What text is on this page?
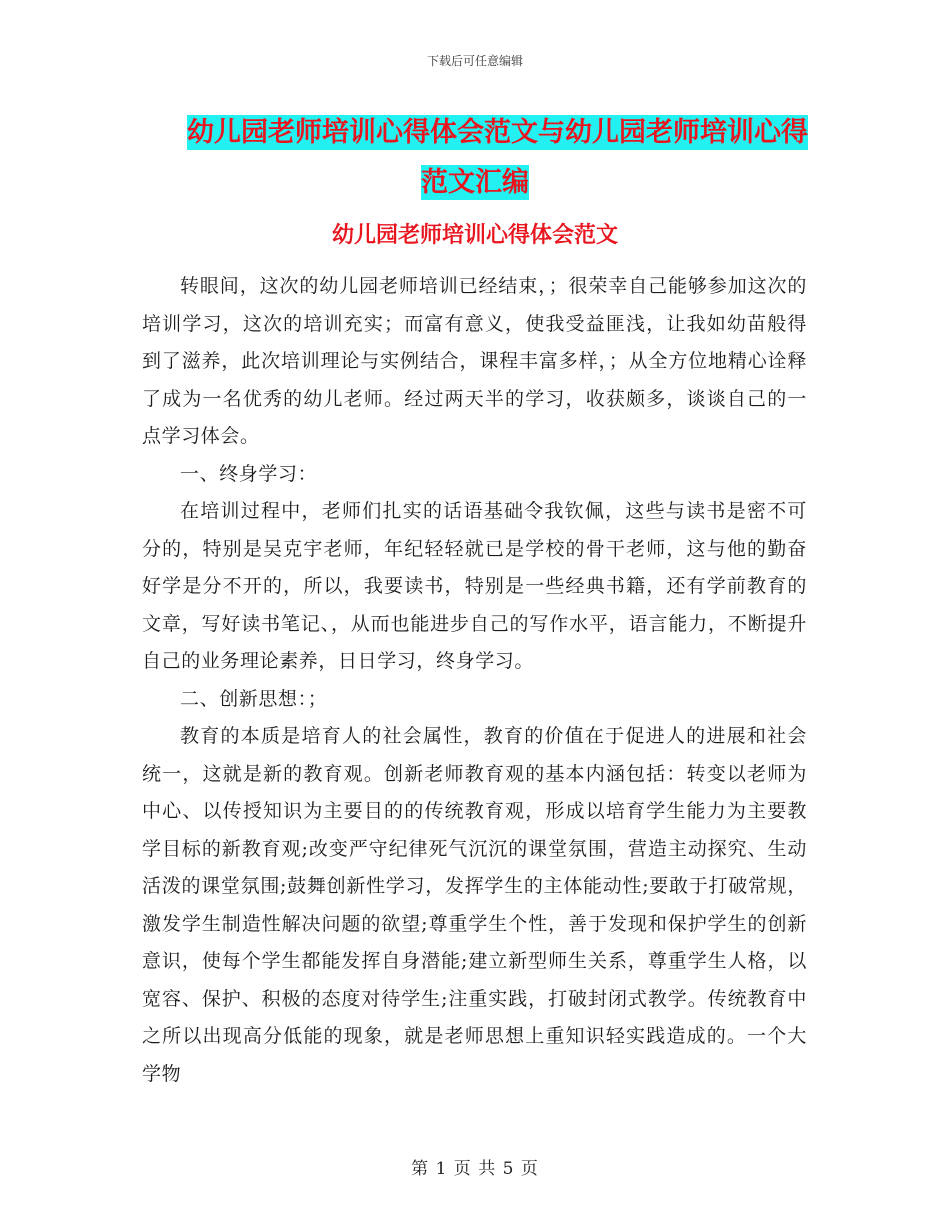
下载后可任意编辑
幼儿园老师培训心得体会范文与幼儿园老师培训心得
范文汇编
幼儿园老师培训心得体会范文

转眼间，这次的幼儿园老师培训已经结束，；很荣幸自己能够参加这次的培训学习，这次的培训充实；而富有意义，使我受益匪浅，让我如幼苗般得到了滋养，此次培训理论与实例结合，课程丰富多样，；从全方位地精心诠释了成为一名优秀的幼儿老师。经过两天半的学习，收获颇多，谈谈自己的一点学习体会。

一、终身学习：

在培训过程中，老师们扎实的话语基础令我钦佩，这些与读书是密不可分的，特别是吴克宇老师，年纪轻轻就已是学校的骨干老师，这与他的勤奋好学是分不开的，所以，我要读书，特别是一些经典书籍，还有学前教育的文章，写好读书笔记、，从而也能进步自己的写作水平，语言能力，不断提升自己的业务理论素养，日日学习，终身学习。

二、创新思想：；

教育的本质是培育人的社会属性，教育的价值在于促进人的进展和社会统一，这就是新的教育观。创新老师教育观的基本内涵包括：转变以老师为中心、以传授知识为主要目的的传统教育观，形成以培育学生能力为主要教学目标的新教育观;改变严守纪律死气沉沉的课堂氛围，营造主动探究、生动活泼的课堂氛围;鼓舞创新性学习，发挥学生的主体能动性;要敢于打破常规，激发学生制造性解决问题的欲望;尊重学生个性，善于发现和保护学生的创新意识，使每个学生都能发挥自身潜能;建立新型师生关系，尊重学生人格，以宽容、保护、积极的态度对待学生;注重实践，打破封闭式教学。传统教育中之所以出现高分低能的现象，就是老师思想上重知识轻实践造成的。一个大学物

第 1 页 共 5 页
